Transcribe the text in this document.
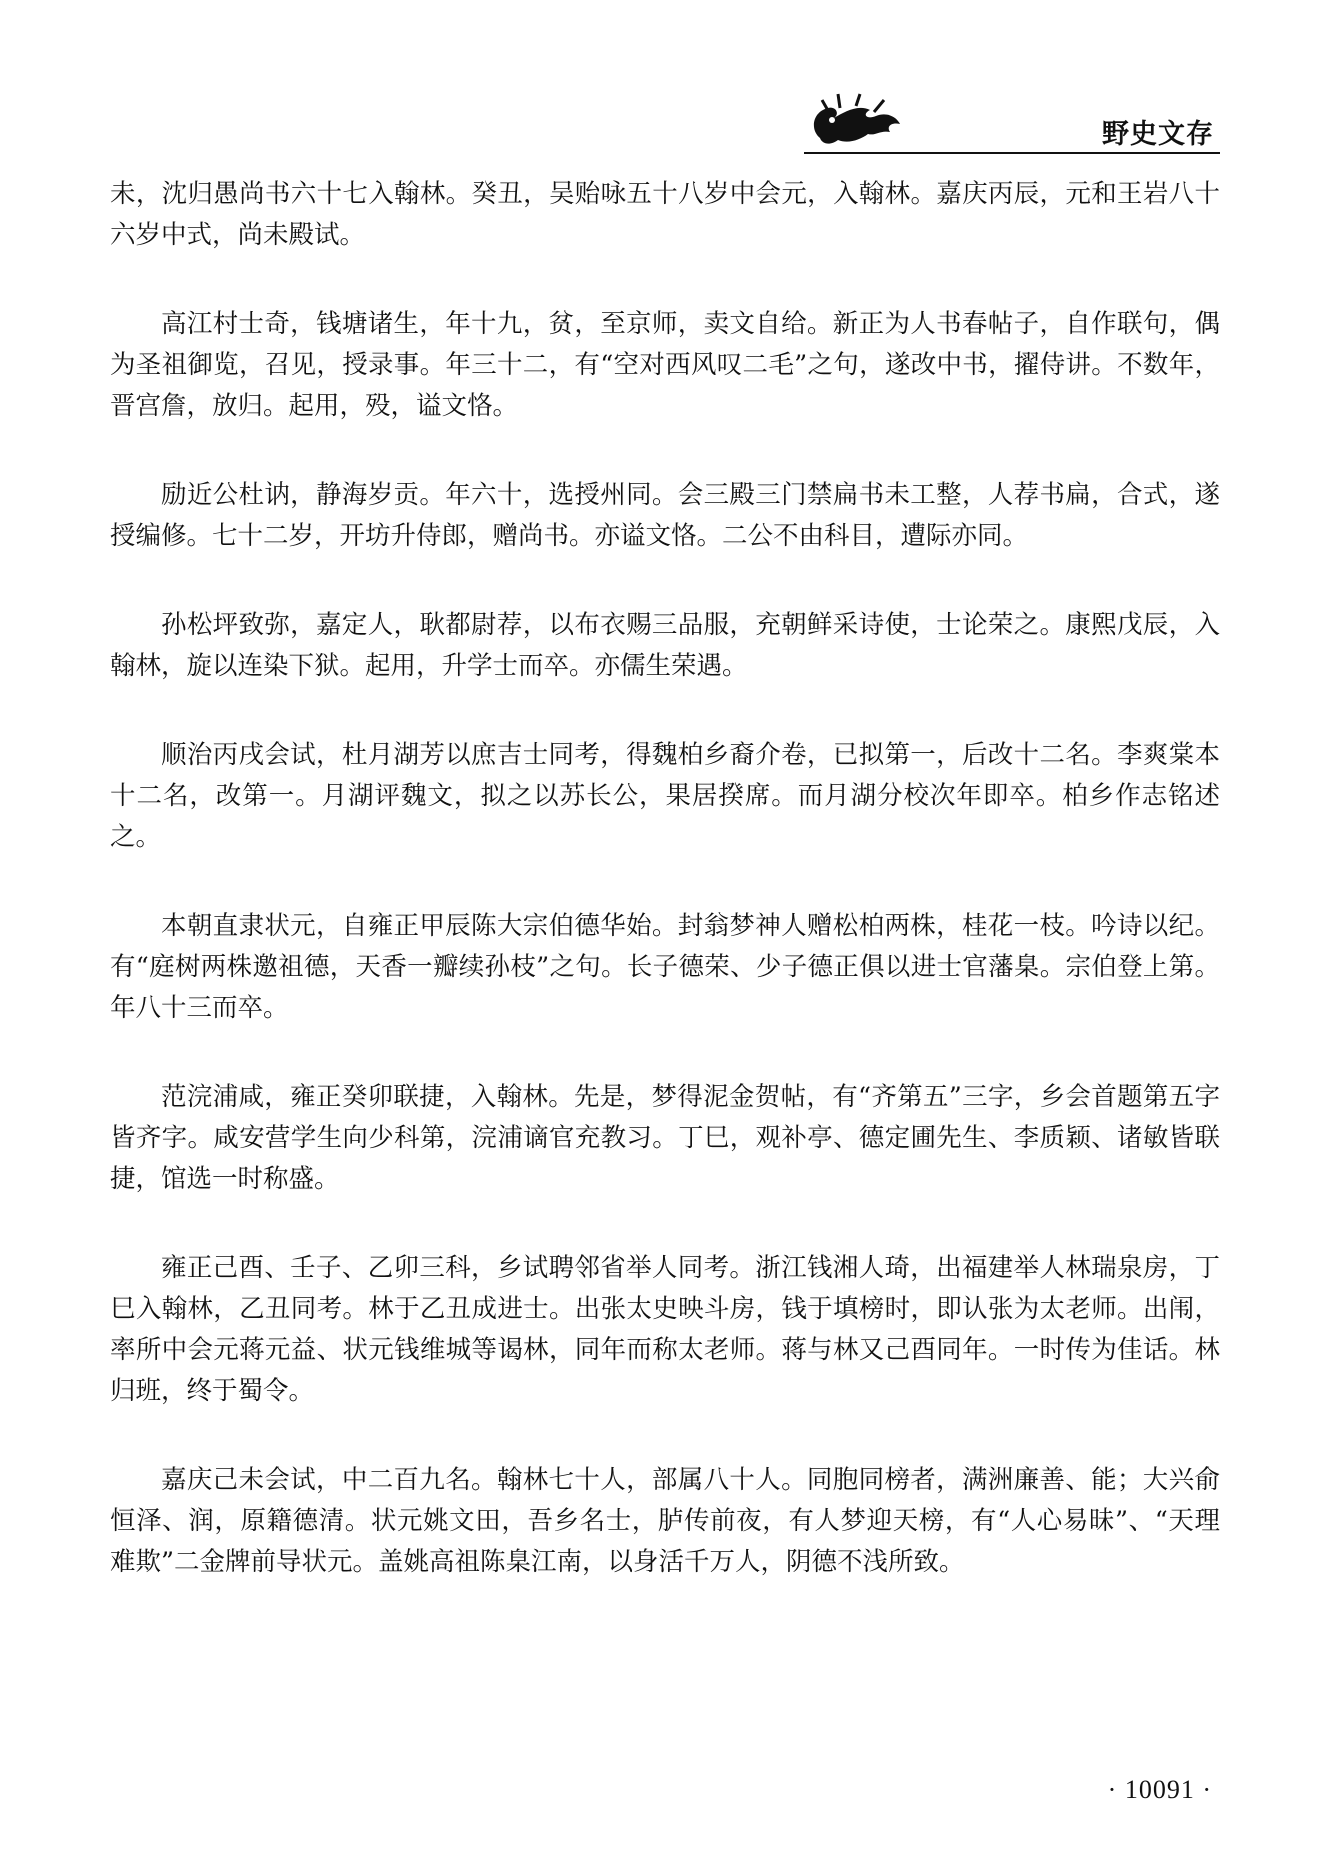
野史文存

未，沈归愚尚书六十七入翰林。癸丑，吴贻咏五十八岁中会元，入翰林。嘉庆丙辰，元和王岩八十六岁中式，尚未殿试。

高江村士奇，钱塘诸生，年十九，贫，至京师，卖文自给。新正为人书春帖子，自作联句，偶为圣祖御览，召见，授录事。年三十二，有“空对西风叹二毛”之句，遂改中书，擢侍讲。不数年，晋宫詹，放归。起用，殁，谥文恪。

励近公杜讷，静海岁贡。年六十，选授州同。会三殿三门禁扁书未工整，人荐书扁，合式，遂授编修。七十二岁，开坊升侍郎，赠尚书。亦谥文恪。二公不由科目，遭际亦同。

孙松坪致弥，嘉定人，耿都尉荐，以布衣赐三品服，充朝鲜采诗使，士论荣之。康熙戊辰，入翰林，旋以连染下狱。起用，升学士而卒。亦儒生荣遇。

顺治丙戌会试，杜月湖芳以庶吉士同考，得魏柏乡裔介卷，已拟第一，后改十二名。李爽棠本十二名，改第一。月湖评魏文，拟之以苏长公，果居揆席。而月湖分校次年即卒。柏乡作志铭述之。

本朝直隶状元，自雍正甲辰陈大宗伯德华始。封翁梦神人赠松柏两株，桂花一枝。吟诗以纪。有“庭树两株邀祖德，天香一瓣续孙枝”之句。长子德荣、少子德正俱以进士官藩臬。宗伯登上第。年八十三而卒。

范浣浦咸，雍正癸卯联捷，入翰林。先是，梦得泥金贺帖，有“齐第五”三字，乡会首题第五字皆齐字。咸安营学生向少科第，浣浦谪官充教习。丁巳，观补亭、德定圃先生、李质颖、诸敏皆联捷，馆选一时称盛。

雍正己酉、壬子、乙卯三科，乡试聘邻省举人同考。浙江钱湘人琦，出福建举人林瑞泉房，丁巳入翰林，乙丑同考。林于乙丑成进士。出张太史映斗房，钱于填榜时，即认张为太老师。出闱，率所中会元蒋元益、状元钱维城等谒林，同年而称太老师。蒋与林又己酉同年。一时传为佳话。林归班，终于蜀令。

嘉庆己未会试，中二百九名。翰林七十人，部属八十人。同胞同榜者，满洲廉善、能；大兴俞恒泽、润，原籍德清。状元姚文田，吾乡名士，胪传前夜，有人梦迎天榜，有“人心易昧”、“天理难欺”二金牌前导状元。盖姚高祖陈臬江南，以身活千万人，阴德不浅所致。

· 10091 ·
